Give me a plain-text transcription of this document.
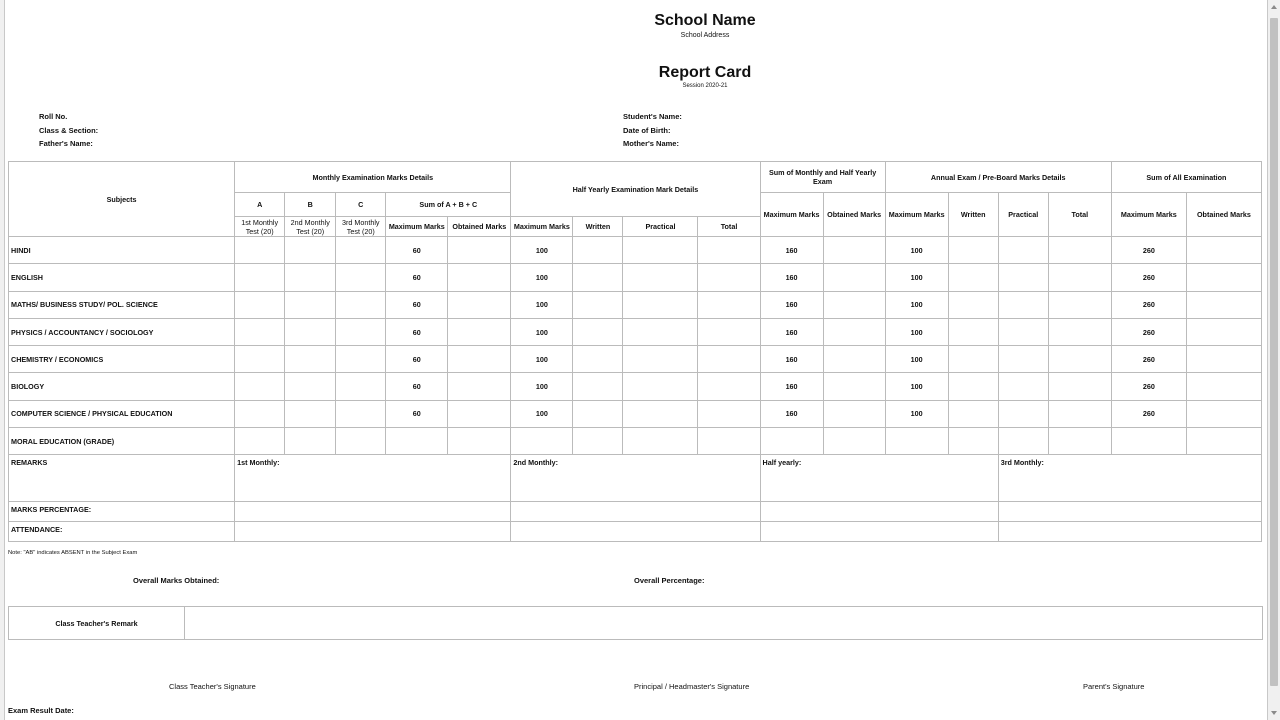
School Name
School Address
Report Card
Session 2020-21
Roll No.
Class & Section:
Father's Name:
Student's Name:
Date of Birth:
Mother's Name:
Subjects	Monthly Examination Marks Details					Half Yearly Examination Mark Details				Sum of Monthly and Half Yearly Exam		Annual Exam / Pre-Board Marks Details				Sum of All Examination	
	A	B	C	Sum of A + B + C						Maximum Marks	Obtained Marks	Maximum Marks	Written	Practical	Total	Maximum Marks	Obtained Marks
	1st Monthly Test (20)	2nd Monthly Test (20)	3rd Monthly Test (20)	Maximum Marks	Obtained Marks	Maximum Marks	Written	Practical	Total								
HINDI				60		100				160		100				260	
ENGLISH				60		100				160		100				260	
MATHS/ BUSINESS STUDY/ POL. SCIENCE				60		100				160		100				260	
PHYSICS / ACCOUNTANCY / SOCIOLOGY				60		100				160		100				260	
CHEMISTRY / ECONOMICS				60		100				160		100				260	
BIOLOGY				60		100				160		100				260	
COMPUTER SCIENCE / PHYSICAL EDUCATION				60		100				160		100				260	
MORAL EDUCATION (GRADE)																	
REMARKS	1st Monthly:					2nd Monthly:				Half yearly:				3rd Monthly:			
MARKS PERCENTAGE:																	
ATTENDANCE:																	
Note: "AB" indicates ABSENT in the Subject Exam
Overall Marks Obtained:	Overall Percentage:
Class Teacher's Remark	
Class Teacher's Signature	Principal / Headmaster's Signature	Parent's Signature
Exam Result Date:
